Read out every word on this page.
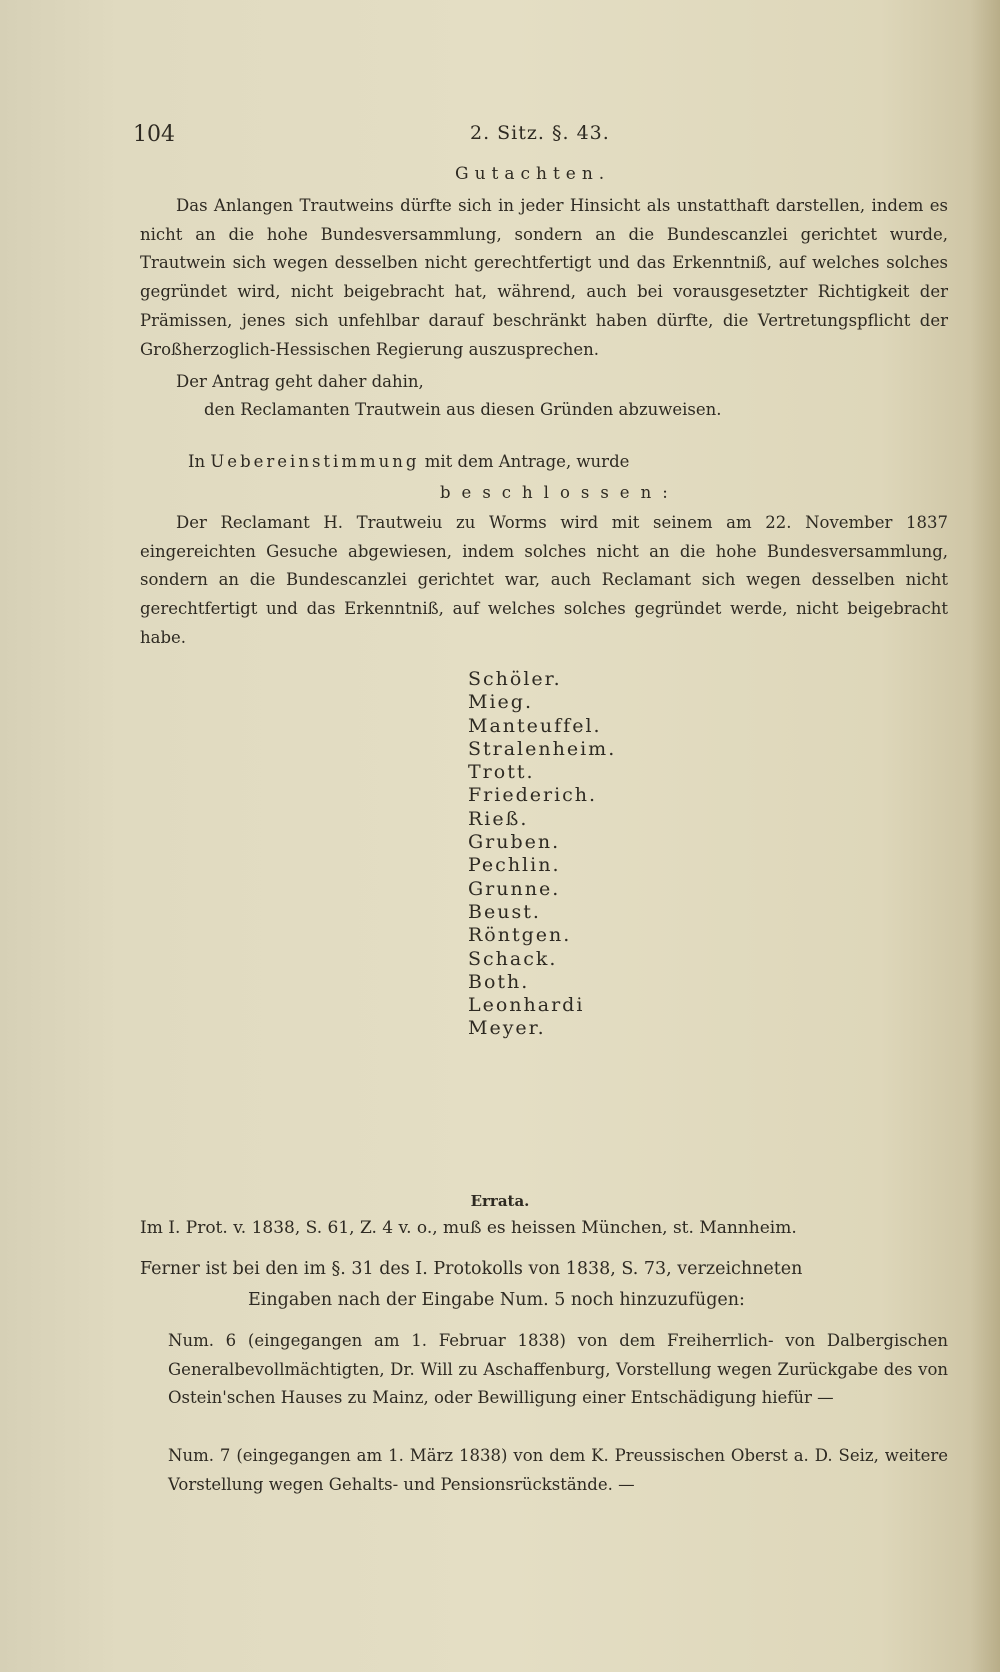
104	2. Sitz. §. 43.
Gutachten.
Das Anlangen Trautweins dürfte sich in jeder Hinsicht als unstatthaft darstellen, indem es nicht an die hohe Bundesversammlung, sondern an die Bundescanzlei gerichtet wurde, Trautwein sich wegen desselben nicht gerechtfertigt und das Erkenntniß, auf welches solches gegründet wird, nicht beigebracht hat, während, auch bei vorausgesetzter Richtigkeit der Prämissen, jenes sich unfehlbar darauf beschränkt haben dürfte, die Vertretungspflicht der Großherzoglich-Hessischen Regierung auszusprechen.
Der Antrag geht daher dahin,
den Reclamanten Trautwein aus diesen Gründen abzuweisen.
In Uebereinstimmung mit dem Antrage, wurde
beschlossen:
Der Reclamant H. Trautweiu zu Worms wird mit seinem am 22. November 1837 eingereichten Gesuche abgewiesen, indem solches nicht an die hohe Bundesversammlung, sondern an die Bundescanzlei gerichtet war, auch Reclamant sich wegen desselben nicht gerechtfertigt und das Erkenntniß, auf welches solches gegründet werde, nicht beigebracht habe.
Schöler.
Mieg.
Manteuffel.
Stralenheim.
Trott.
Friederich.
Rieß.
Gruben.
Pechlin.
Grunne.
Beust.
Röntgen.
Schack.
Both.
Leonhardi
Meyer.
Errata.
Im I. Prot. v. 1838, S. 61, Z. 4 v. o., muß es heissen München, st. Mannheim.
Ferner ist bei den im §. 31 des I. Protokolls von 1838, S. 73, verzeichneten
Eingaben nach der Eingabe Num. 5 noch hinzuzufügen:
Num. 6 (eingegangen am 1. Februar 1838) von dem Freiherrlich- von Dalbergischen Generalbevollmächtigten, Dr. Will zu Aschaffenburg, Vorstellung wegen Zurückgabe des von Ostein'schen Hauses zu Mainz, oder Bewilligung einer Entschädigung hiefür —
Num. 7 (eingegangen am 1. März 1838) von dem K. Preussischen Oberst a. D. Seiz, weitere Vorstellung wegen Gehalts- und Pensionsrückstände. —
